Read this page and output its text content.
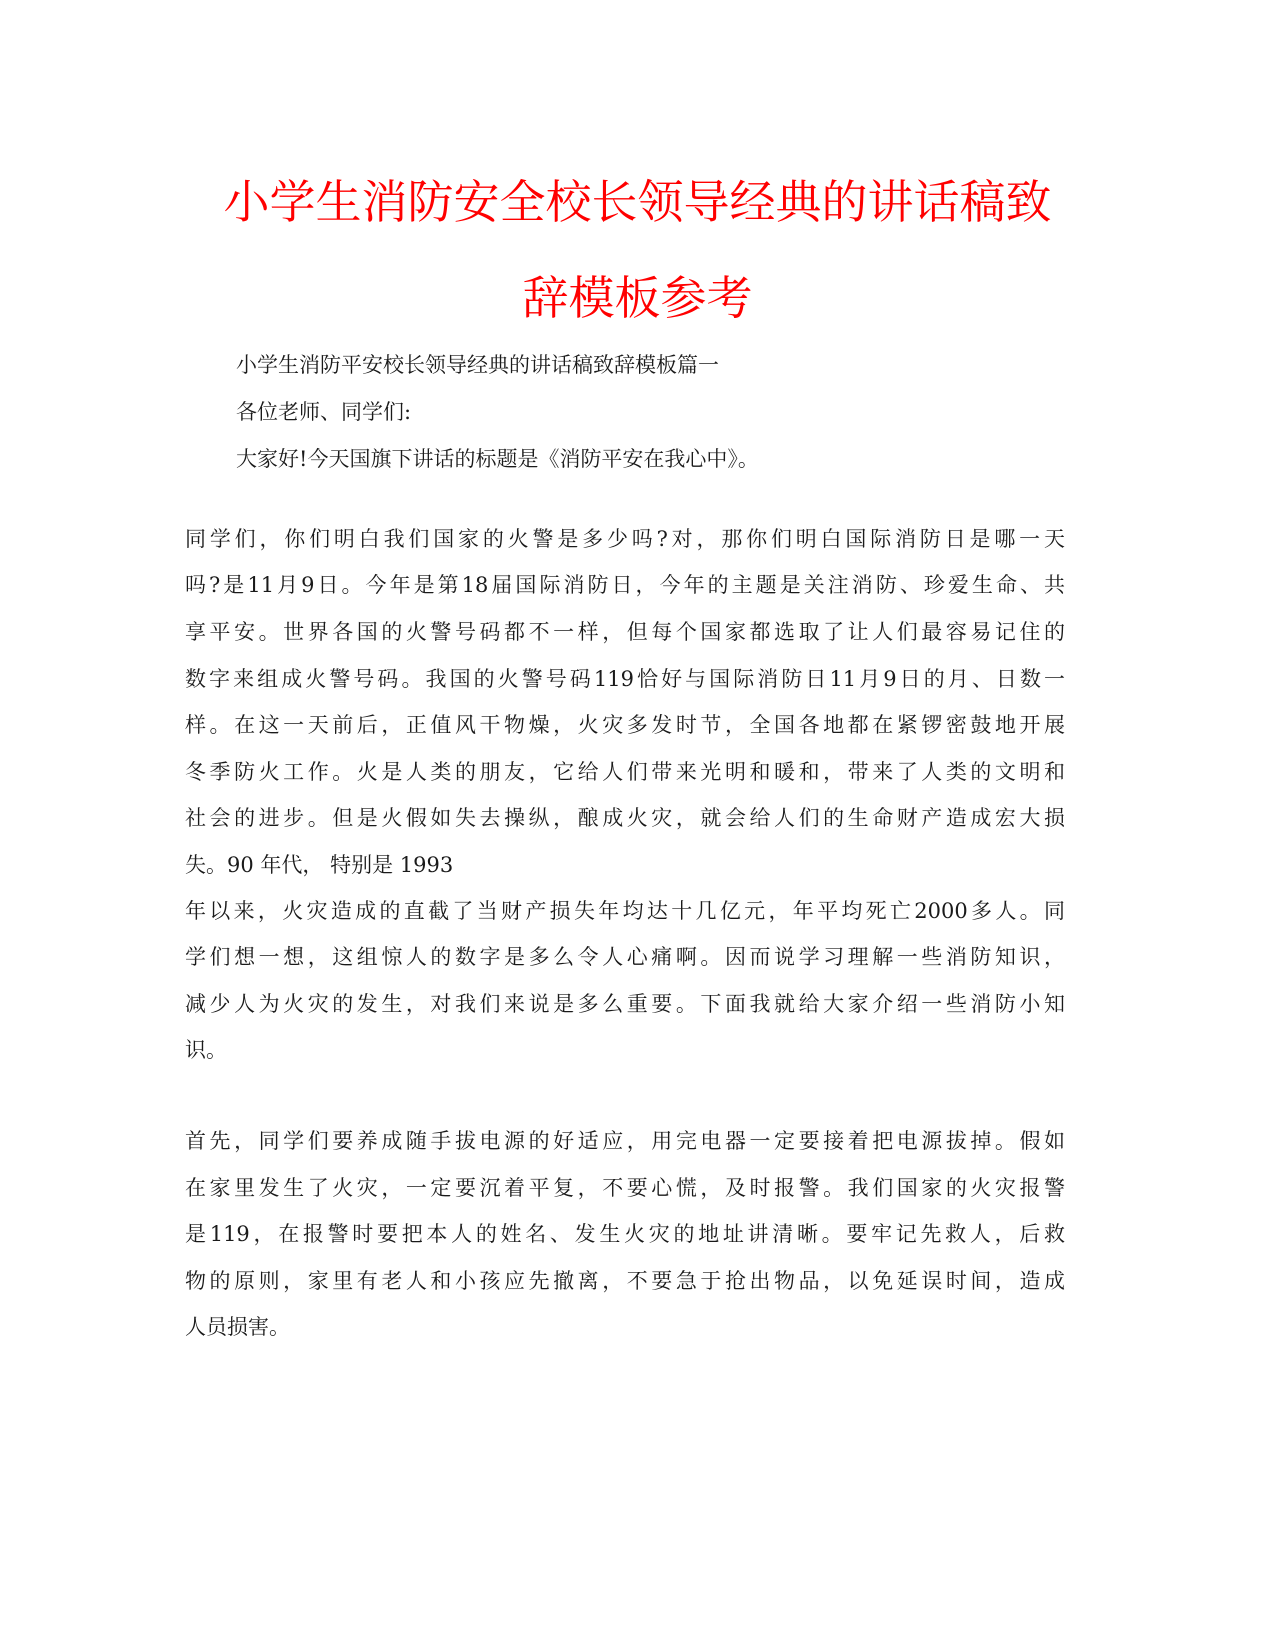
小学生消防安全校长领导经典的讲话稿致
辞模板参考

小学生消防平安校长领导经典的讲话稿致辞模板篇一

各位老师、同学们:

大家好!今天国旗下讲话的标题是《消防平安在我心中》。

同学们，你们明白我们国家的火警是多少吗?对，那你们明白国际消防日是哪一天

吗?是11月9日。今年是第18届国际消防日，今年的主题是关注消防、珍爱生命、共

享平安。世界各国的火警号码都不一样，但每个国家都选取了让人们最容易记住的

数字来组成火警号码。我国的火警号码119恰好与国际消防日11月9日的月、日数一

样。在这一天前后，正值风干物燥，火灾多发时节，全国各地都在紧锣密鼓地开展

冬季防火工作。火是人类的朋友，它给人们带来光明和暖和，带来了人类的文明和

社会的进步。但是火假如失去操纵，酿成火灾，就会给人们的生命财产造成宏大损

失。90 年代， 特别是 1993

年以来，火灾造成的直截了当财产损失年均达十几亿元，年平均死亡2000多人。同

学们想一想，这组惊人的数字是多么令人心痛啊。因而说学习理解一些消防知识，

减少人为火灾的发生，对我们来说是多么重要。下面我就给大家介绍一些消防小知

识。

首先，同学们要养成随手拔电源的好适应，用完电器一定要接着把电源拔掉。假如

在家里发生了火灾，一定要沉着平复，不要心慌，及时报警。我们国家的火灾报警

是119，在报警时要把本人的姓名、发生火灾的地址讲清晰。要牢记先救人，后救

物的原则，家里有老人和小孩应先撤离，不要急于抢出物品，以免延误时间，造成

人员损害。
